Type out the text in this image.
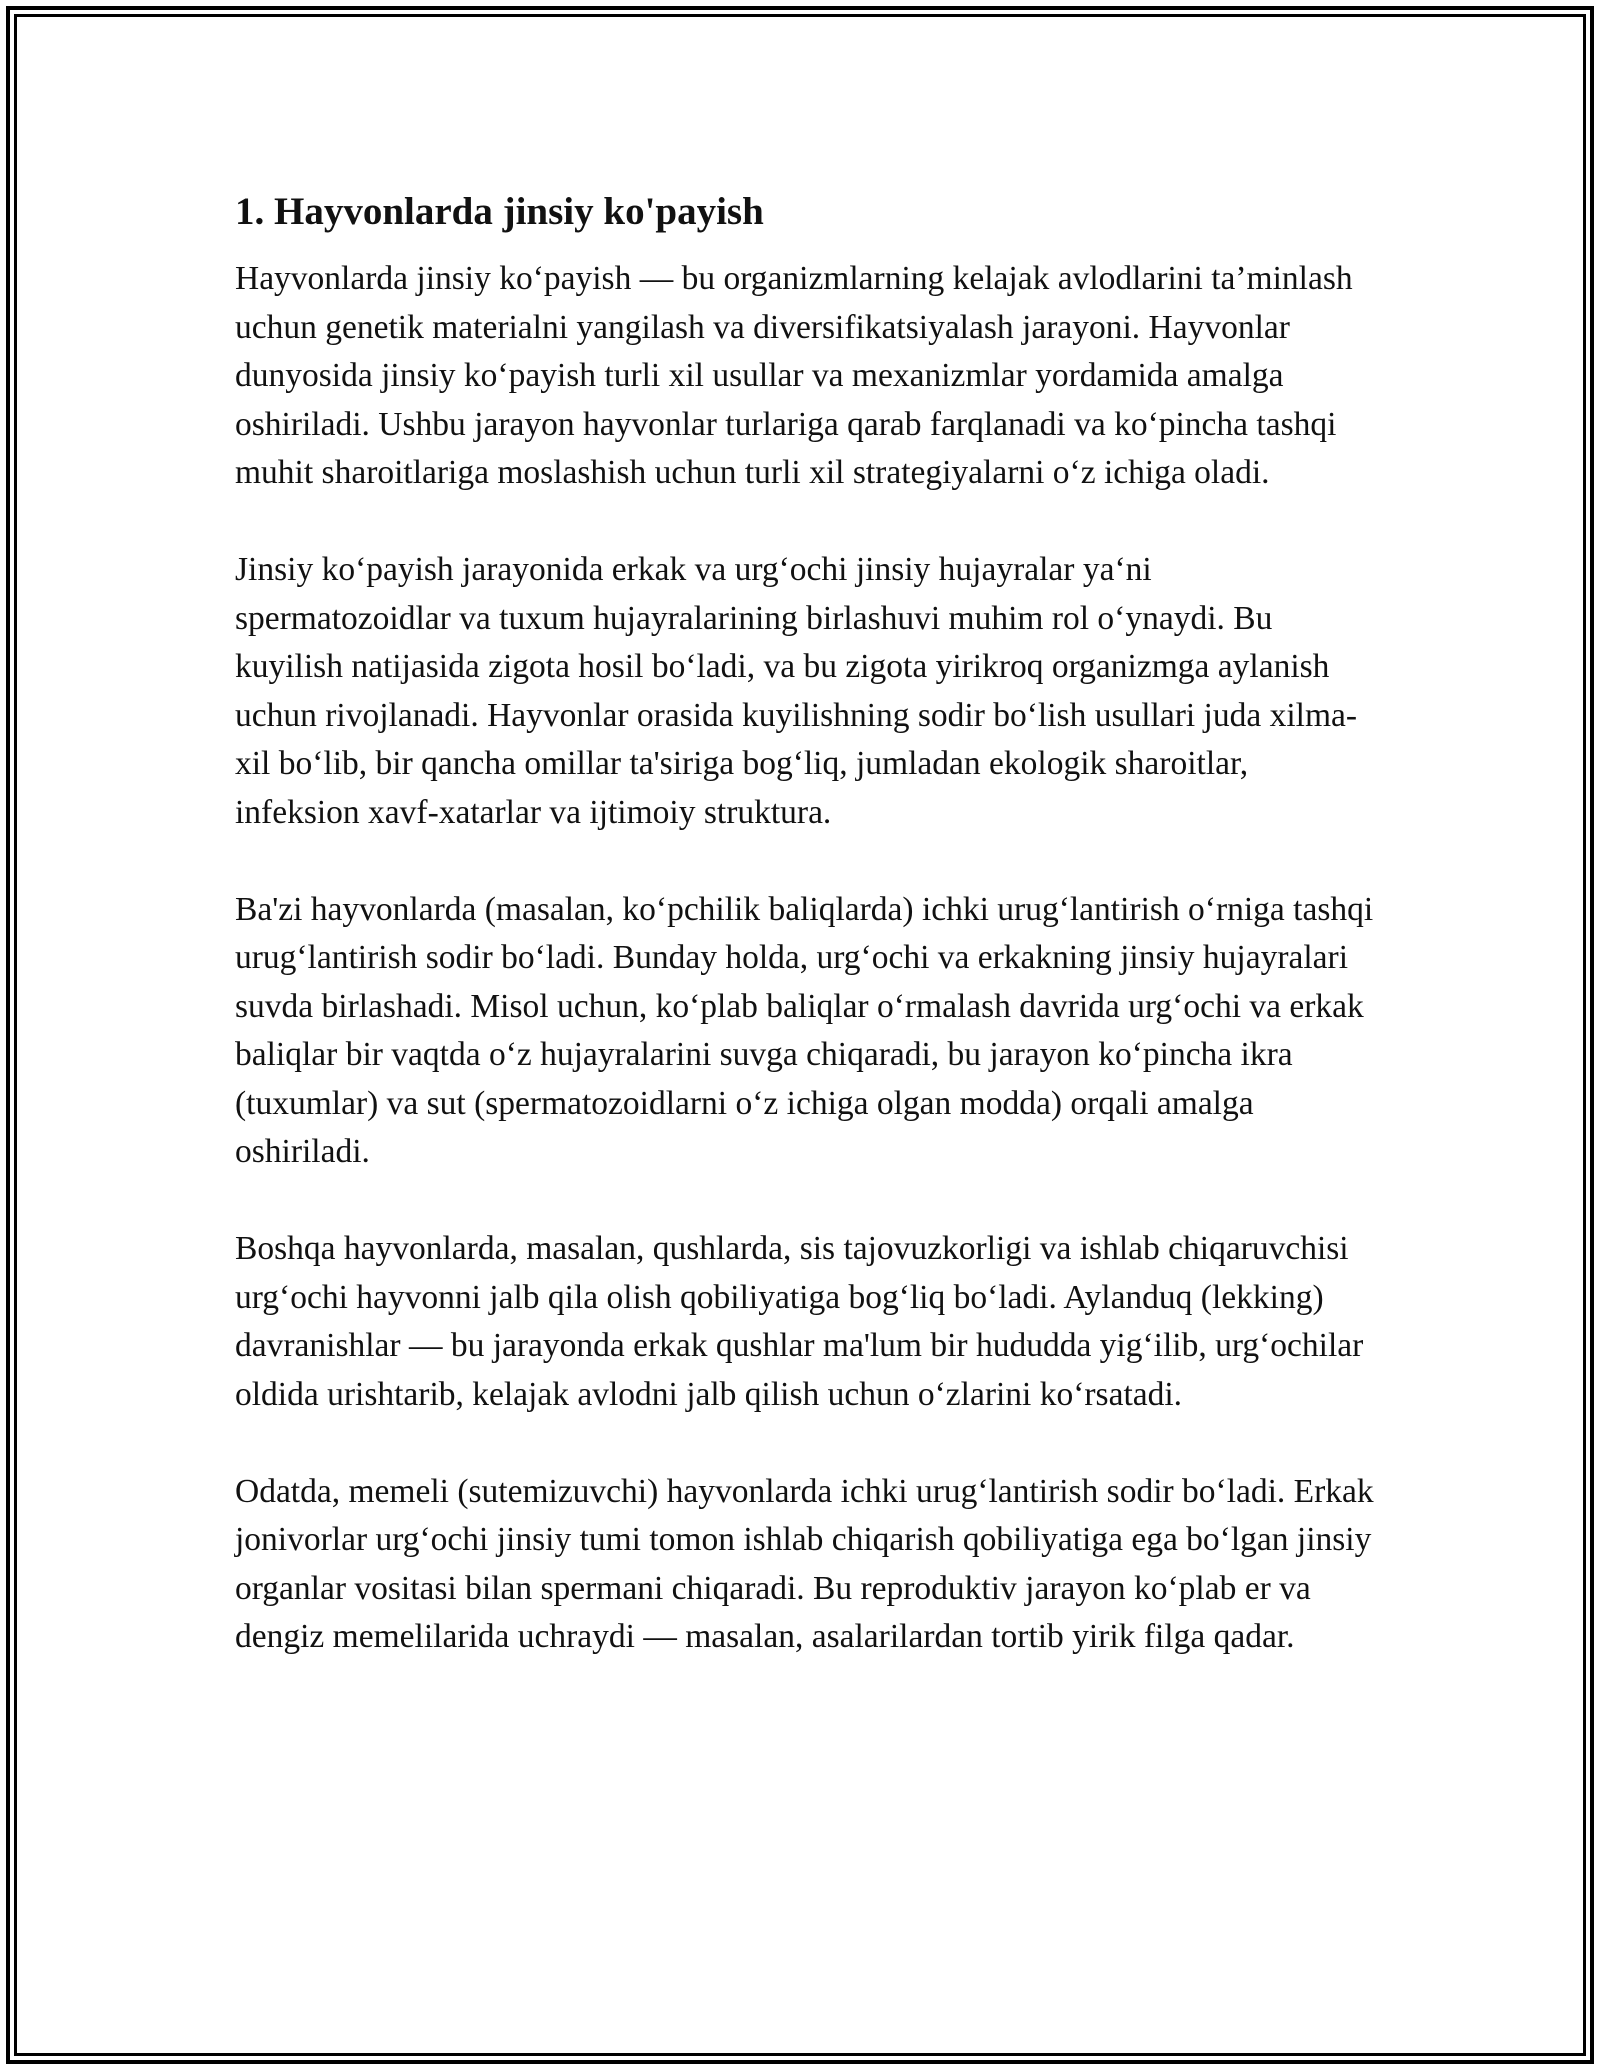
1. Hayvonlarda jinsiy ko'payish

Hayvonlarda jinsiy ko‘payish — bu organizmlarning kelajak avlodlarini ta’minlash uchun genetik materialni yangilash va diversifikatsiyalash jarayoni. Hayvonlar dunyosida jinsiy ko‘payish turli xil usullar va mexanizmlar yordamida amalga oshiriladi. Ushbu jarayon hayvonlar turlariga qarab farqlanadi va ko‘pincha tashqi muhit sharoitlariga moslashish uchun turli xil strategiyalarni o‘z ichiga oladi.

Jinsiy ko‘payish jarayonida erkak va urg‘ochi jinsiy hujayralar ya‘ni spermatozoidlar va tuxum hujayralarining birlashuvi muhim rol o‘ynaydi. Bu kuyilish natijasida zigota hosil bo‘ladi, va bu zigota yirikroq organizmga aylanish uchun rivojlanadi. Hayvonlar orasida kuyilishning sodir bo‘lish usullari juda xilma-xil bo‘lib, bir qancha omillar ta'siriga bog‘liq, jumladan ekologik sharoitlar, infeksion xavf-xatarlar va ijtimoiy struktura.

Ba'zi hayvonlarda (masalan, ko‘pchilik baliqlarda) ichki urug‘lantirish o‘rniga tashqi urug‘lantirish sodir bo‘ladi. Bunday holda, urg‘ochi va erkakning jinsiy hujayralari suvda birlashadi. Misol uchun, ko‘plab baliqlar o‘rmalash davrida urg‘ochi va erkak baliqlar bir vaqtda o‘z hujayralarini suvga chiqaradi, bu jarayon ko‘pincha ikra (tuxumlar) va sut (spermatozoidlarni o‘z ichiga olgan modda) orqali amalga oshiriladi.

Boshqa hayvonlarda, masalan, qushlarda, sis tajovuzkorligi va ishlab chiqaruvchisi urg‘ochi hayvonni jalb qila olish qobiliyatiga bog‘liq bo‘ladi. Aylanduq (lekking) davranishlar — bu jarayonda erkak qushlar ma'lum bir hududda yig‘ilib, urg‘ochilar oldida urishtarib, kelajak avlodni jalb qilish uchun o‘zlarini ko‘rsatadi.

Odatda, memeli (sutemizuvchi) hayvonlarda ichki urug‘lantirish sodir bo‘ladi. Erkak jonivorlar urg‘ochi jinsiy tumi tomon ishlab chiqarish qobiliyatiga ega bo‘lgan jinsiy organlar vositasi bilan spermani chiqaradi. Bu reproduktiv jarayon ko‘plab er va dengiz memelilarida uchraydi — masalan, asalarilardan tortib yirik filga qadar.
